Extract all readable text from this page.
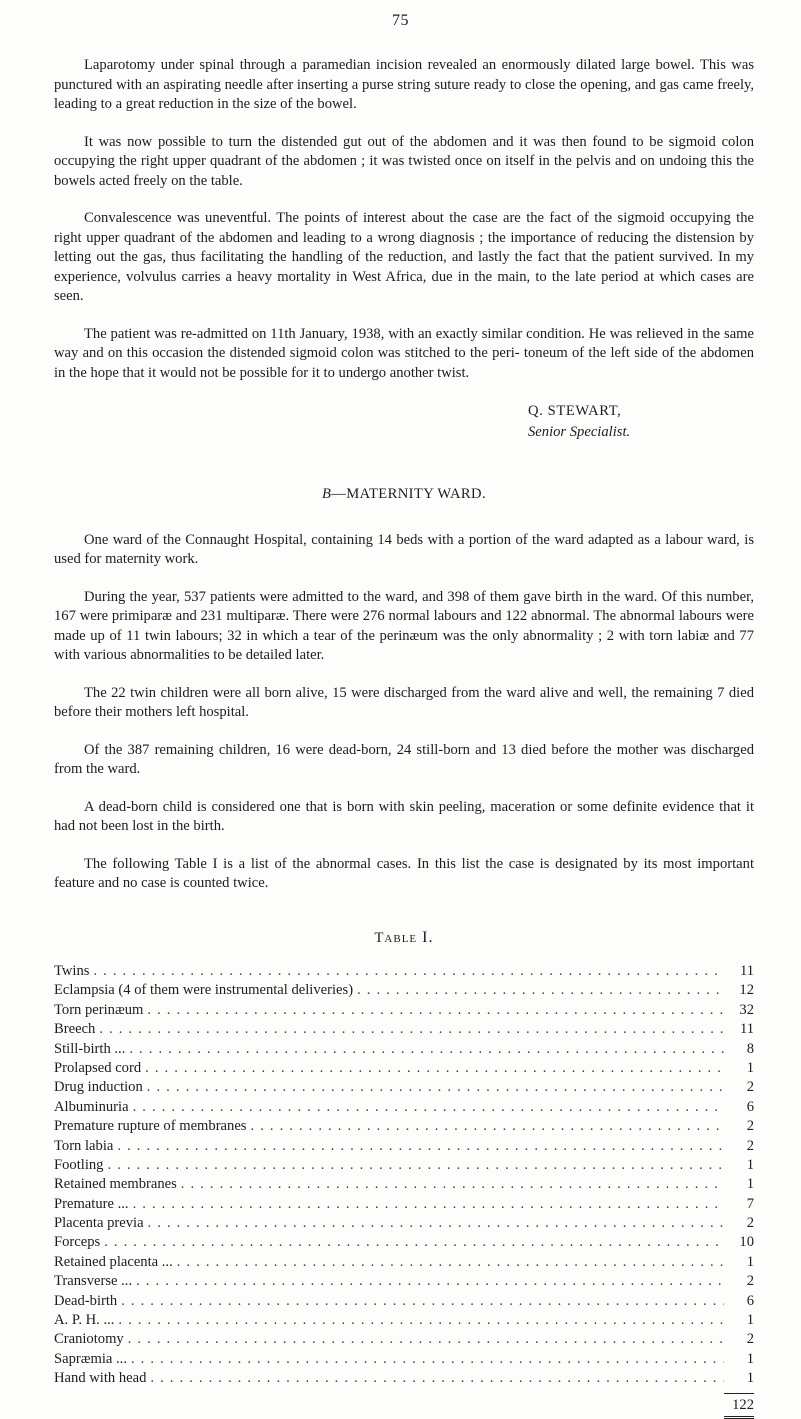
75

Laparotomy under spinal through a paramedian incision revealed an enormously dilated large bowel. This was punctured with an aspirating needle after inserting a purse string suture ready to close the opening, and gas came freely, leading to a great reduction in the size of the bowel.

It was now possible to turn the distended gut out of the abdomen and it was then found to be sigmoid colon occupying the right upper quadrant of the abdomen ; it was twisted once on itself in the pelvis and on undoing this the bowels acted freely on the table.

Convalescence was uneventful. The points of interest about the case are the fact of the sigmoid occupying the right upper quadrant of the abdomen and leading to a wrong diagnosis ; the importance of reducing the distension by letting out the gas, thus facilitating the handling of the reduction, and lastly the fact that the patient survived. In my experience, volvulus carries a heavy mortality in West Africa, due in the main, to the late period at which cases are seen.

The patient was re-admitted on 11th January, 1938, with an exactly similar condition. He was relieved in the same way and on this occasion the distended sigmoid colon was stitched to the peri- toneum of the left side of the abdomen in the hope that it would not be possible for it to undergo another twist.

Q. STEWART,
Senior Specialist.
B—MATERNITY WARD.

One ward of the Connaught Hospital, containing 14 beds with a portion of the ward adapted as a labour ward, is used for maternity work.

During the year, 537 patients were admitted to the ward, and 398 of them gave birth in the ward. Of this number, 167 were primiparæ and 231 multiparæ. There were 276 normal labours and 122 abnormal. The abnormal labours were made up of 11 twin labours; 32 in which a tear of the perinæum was the only abnormality ; 2 with torn labiæ and 77 with various abnormalities to be detailed later.

The 22 twin children were all born alive, 15 were discharged from the ward alive and well, the remaining 7 died before their mothers left hospital.

Of the 387 remaining children, 16 were dead-born, 24 still-born and 13 died before the mother was discharged from the ward.

A dead-born child is considered one that is born with skin peeling, maceration or some definite evidence that it had not been lost in the birth.

The following Table I is a list of the abnormal cases. In this list the case is designated by its most important feature and no case is counted twice.

Table I.
Twins . . .	11
Eclampsia (4 of them were instrumental deliveries) . . .	12
Torn perinæum . . .	32
Breech . . .	11
Still-birth ... . . .	8
Prolapsed cord . . .	1
Drug induction . . .	2
Albuminuria . . .	6
Premature rupture of membranes . . .	2
Torn labia . . .	2
Footling . . .	1
Retained membranes . . .	1
Premature ... . . .	7
Placenta previa . . .	2
Forceps . . .	10
Retained placenta ... . . .	1
Transverse ... . . .	2
Dead-birth . . .	6
A. P. H. ... . . .	1
Craniotomy . . .	2
Sapræmia ... . . .	1
Hand with head . . .	1
122
